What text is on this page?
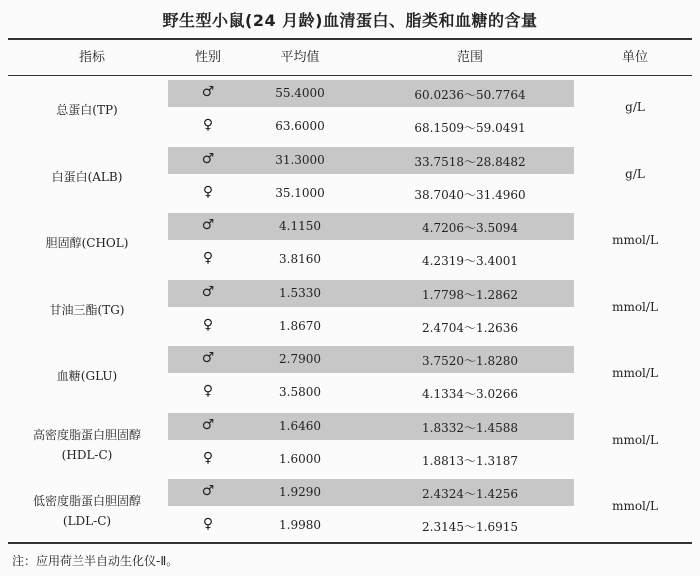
野生型小鼠(24 月龄)血清蛋白、脂类和血糖的含量
指标	性别	平均值	范围	单位
总蛋白(TP)	g/L
♂	55.4000	60.0236～50.7764
♀	63.6000	68.1509～59.0491
白蛋白(ALB)	g/L
♂	31.3000	33.7518～28.8482
♀	35.1000	38.7040～31.4960
胆固醇(CHOL)	mmol/L
♂	4.1150	4.7206～3.5094
♀	3.8160	4.2319～3.4001
甘油三酯(TG)	mmol/L
♂	1.5330	1.7798～1.2862
♀	1.8670	2.4704～1.2636
血糖(GLU)	mmol/L
♂	2.7900	3.7520～1.8280
♀	3.5800	4.1334～3.0266
高密度脂蛋白胆固醇
(HDL-C)
mmol/L
♂	1.6460	1.8332～1.4588
♀	1.6000	1.8813～1.3187
低密度脂蛋白胆固醇
(LDL-C)
mmol/L
♂	1.9290	2.4324～1.4256
♀	1.9980	2.3145～1.6915
注：应用荷兰半自动生化仪-Ⅱ。
